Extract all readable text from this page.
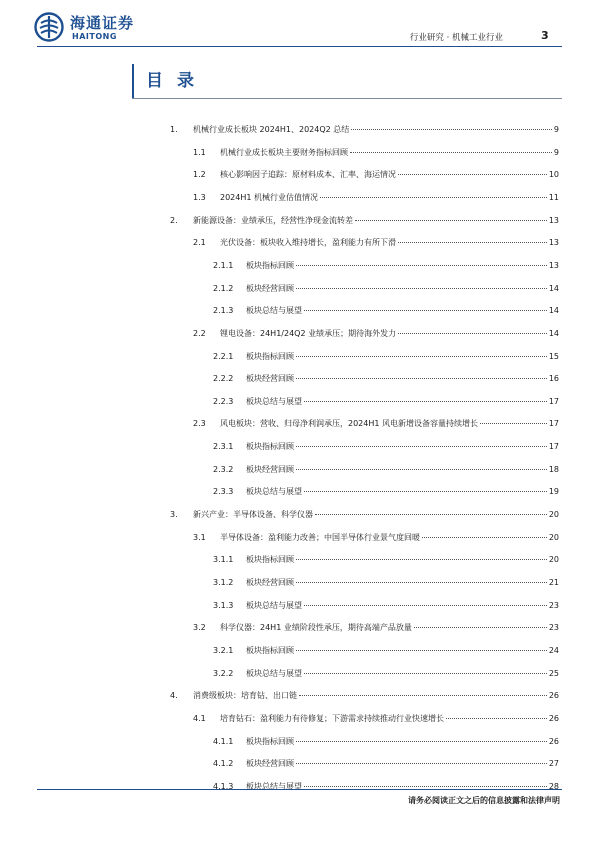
海通证券
HAITONG	行业研究 · 机械工业行业	3
目录
1.	机械行业成长板块 2024H1、2024Q2 总结	9
1.1	机械行业成长板块主要财务指标回顾	9
1.2	核心影响因子追踪：原材料成本、汇率、海运情况	10
1.3	2024H1 机械行业估值情况	11
2.	新能源设备：业绩承压，经营性净现金流转差	13
2.1	光伏设备：板块收入维持增长，盈利能力有所下滑	13
2.1.1	板块指标回顾	13
2.1.2	板块经营回顾	14
2.1.3	板块总结与展望	14
2.2	锂电设备：24H1/24Q2 业绩承压；期待海外发力	14
2.2.1	板块指标回顾	15
2.2.2	板块经营回顾	16
2.2.3	板块总结与展望	17
2.3	风电板块：营收、归母净利润承压，2024H1 风电新增设备容量持续增长	17
2.3.1	板块指标回顾	17
2.3.2	板块经营回顾	18
2.3.3	板块总结与展望	19
3.	新兴产业：半导体设备、科学仪器	20
3.1	半导体设备：盈利能力改善；中国半导体行业景气度回暖	20
3.1.1	板块指标回顾	20
3.1.2	板块经营回顾	21
3.1.3	板块总结与展望	23
3.2	科学仪器：24H1 业绩阶段性承压，期待高端产品放量	23
3.2.1	板块指标回顾	24
3.2.2	板块总结与展望	25
4.	消费级板块：培育钻、出口链	26
4.1	培育钻石：盈利能力有待修复；下游需求持续推动行业快速增长	26
4.1.1	板块指标回顾	26
4.1.2	板块经营回顾	27
4.1.3	板块总结与展望	28
请务必阅读正文之后的信息披露和法律声明
